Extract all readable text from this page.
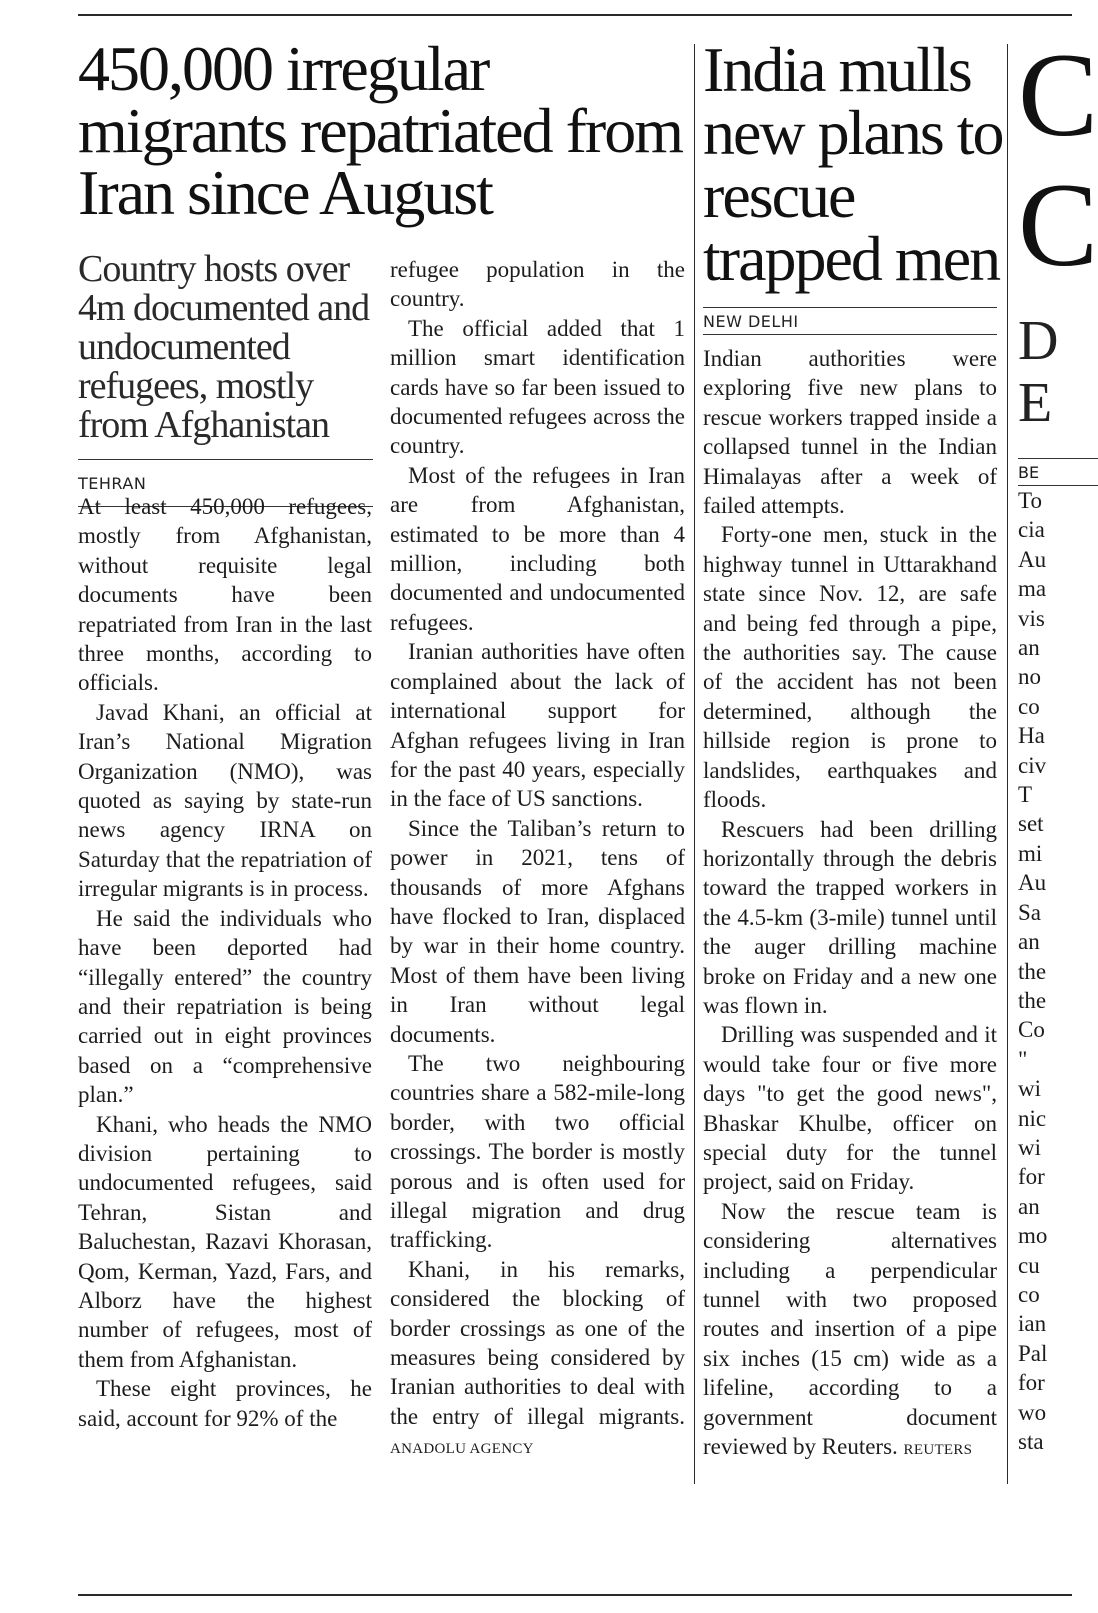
450,000 irregular migrants repatriated from Iran since August
Country hosts over 4m documented and undocumented refugees, mostly from Afghanistan
TEHRAN

At least 450,000 refugees, mostly from Afghanistan, without requisite legal documents have been repatriated from Iran in the last three months, according to officials.

Javad Khani, an official at Iran’s National Migration Organization (NMO), was quoted as saying by state-run news agency IRNA on Saturday that the repatriation of irregular migrants is in process.

He said the individuals who have been deported had “illegally entered” the country and their repatriation is being carried out in eight provinces based on a “comprehensive plan.”

Khani, who heads the NMO division pertaining to undocumented refugees, said Tehran, Sistan and Baluchestan, Razavi Khorasan, Qom, Kerman, Yazd, Fars, and Alborz have the highest number of refugees, most of them from Afghanistan.

These eight provinces, he said, account for 92% of the

refugee population in the country.

The official added that 1 million smart identification cards have so far been issued to documented refugees across the country.

Most of the refugees in Iran are from Afghanistan, estimated to be more than 4 million, including both documented and undocumented refugees.

Iranian authorities have often complained about the lack of international support for Afghan refugees living in Iran for the past 40 years, especially in the face of US sanctions.

Since the Taliban’s return to power in 2021, tens of thousands of more Afghans have flocked to Iran, displaced by war in their home country. Most of them have been living in Iran without legal documents.

The two neighbouring countries share a 582-mile-long border, with two official crossings. The border is mostly porous and is often used for illegal migration and drug trafficking.

Khani, in his remarks, considered the blocking of border crossings as one of the measures being considered by Iranian authorities to deal with the entry of illegal migrants. ANADOLU AGENCY

India mulls new plans to rescue trapped men
NEW DELHI

Indian authorities were exploring five new plans to rescue workers trapped inside a collapsed tunnel in the Indian Himalayas after a week of failed attempts.

Forty-one men, stuck in the highway tunnel in Uttarakhand state since Nov. 12, are safe and being fed through a pipe, the authorities say. The cause of the accident has not been determined, although the hillside region is prone to landslides, earthquakes and floods.

Rescuers had been drilling horizontally through the debris toward the trapped workers in the 4.5-km (3-mile) tunnel until the auger drilling machine broke on Friday and a new one was flown in.

Drilling was suspended and it would take four or five more days "to get the good news", Bhaskar Khulbe, officer on special duty for the tunnel project, said on Friday.

Now the rescue team is considering alternatives including a perpendicular tunnel with two proposed routes and insertion of a pipe six inches (15 cm) wide as a lifeline, according to a government document reviewed by Reuters. REUTERS

C C
D E
BE
To
cia
Au
ma
vis
an
no
co
Ha
civ
T
set
mi
Au
Sa
an
the
the
Co
"
wi
nic
wi
for
an
mo
cu
co
ian
Pal
for
wo
sta
